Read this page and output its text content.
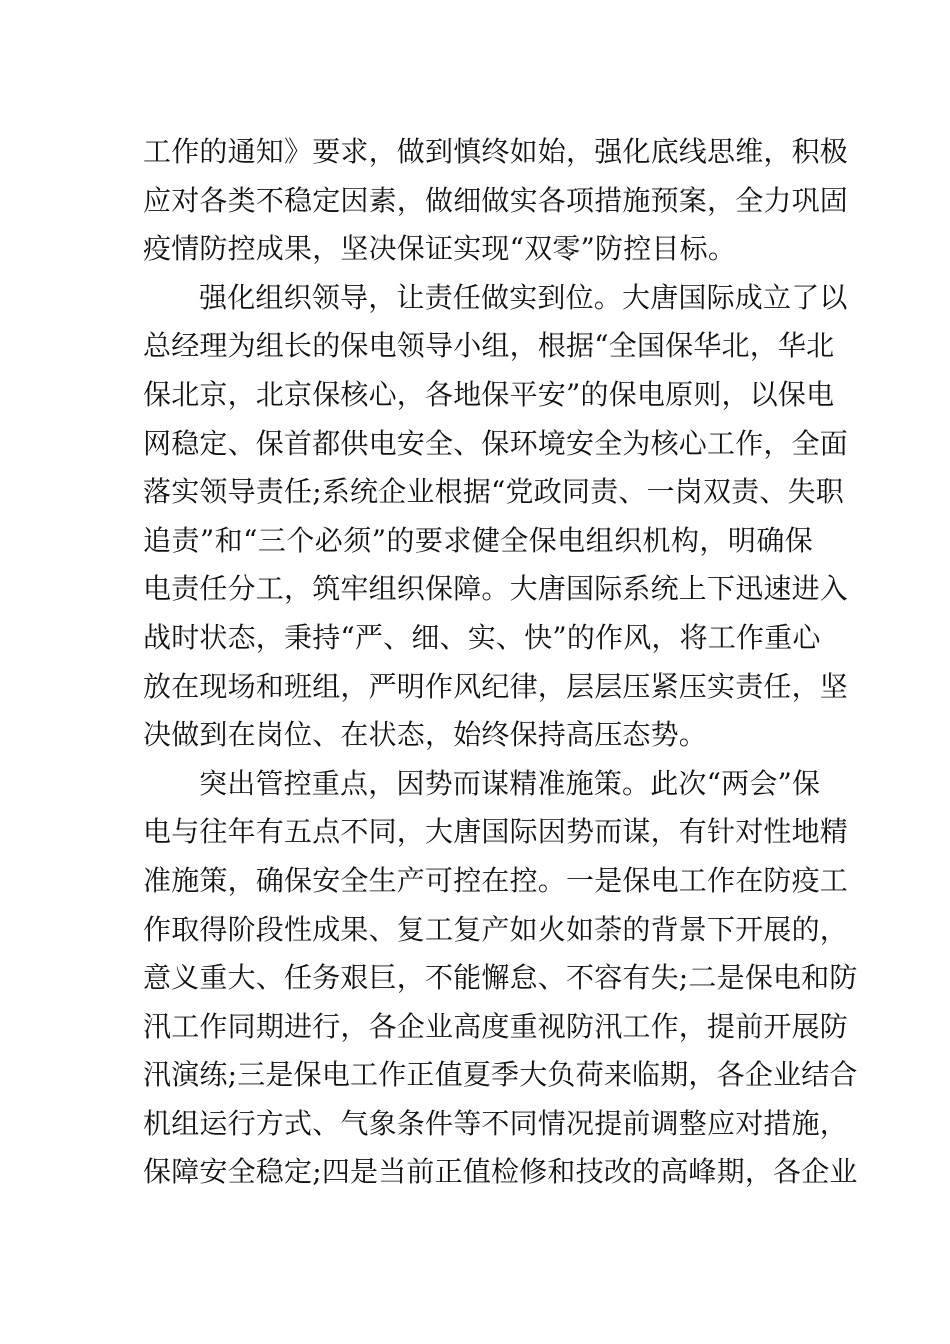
工作的通知》要求，做到慎终如始，强化底线思维，积极
应对各类不稳定因素，做细做实各项措施预案，全力巩固
疫情防控成果，坚决保证实现“双零”防控目标。
强化组织领导，让责任做实到位。大唐国际成立了以
总经理为组长的保电领导小组，根据“全国保华北，华北
保北京，北京保核心，各地保平安”的保电原则，以保电
网稳定、保首都供电安全、保环境安全为核心工作，全面
落实领导责任;系统企业根据“党政同责、一岗双责、失职
追责”和“三个必须”的要求健全保电组织机构，明确保
电责任分工，筑牢组织保障。大唐国际系统上下迅速进入
战时状态，秉持“严、细、实、快”的作风，将工作重心
放在现场和班组，严明作风纪律，层层压紧压实责任，坚
决做到在岗位、在状态，始终保持高压态势。
突出管控重点，因势而谋精准施策。此次“两会”保
电与往年有五点不同，大唐国际因势而谋，有针对性地精
准施策，确保安全生产可控在控。一是保电工作在防疫工
作取得阶段性成果、复工复产如火如荼的背景下开展的，
意义重大、任务艰巨，不能懈怠、不容有失;二是保电和防
汛工作同期进行，各企业高度重视防汛工作，提前开展防
汛演练;三是保电工作正值夏季大负荷来临期，各企业结合
机组运行方式、气象条件等不同情况提前调整应对措施，
保障安全稳定;四是当前正值检修和技改的高峰期，各企业
